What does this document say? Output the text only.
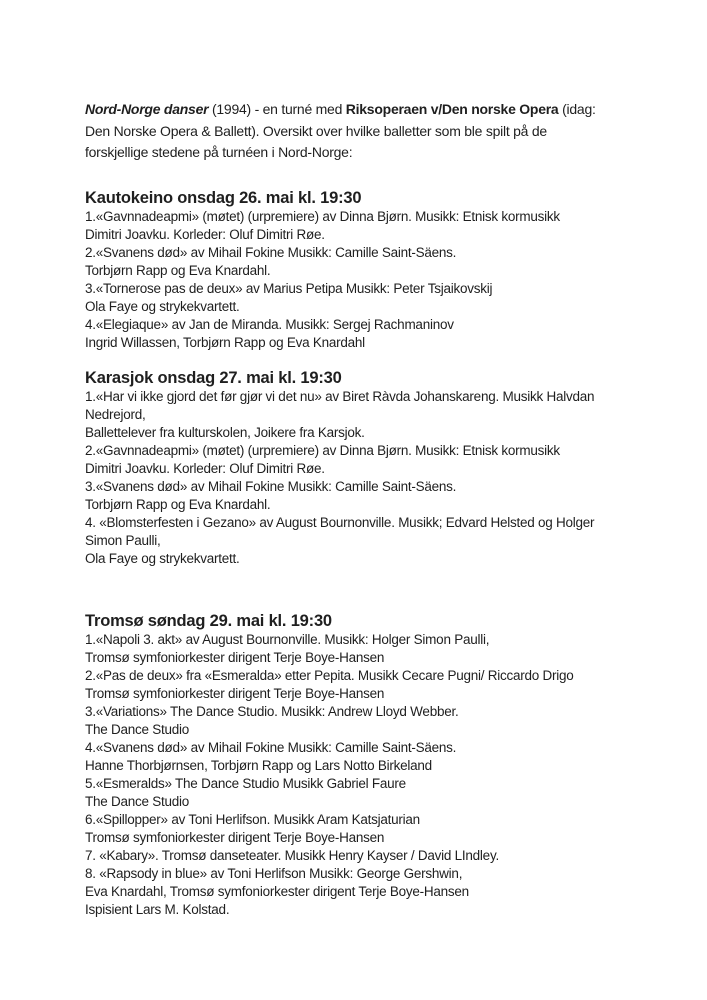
Nord-Norge danser (1994) - en turné med Riksoperaen v/Den norske Opera (idag: Den Norske Opera & Ballett). Oversikt over hvilke balletter som ble spilt på de forskjellige stedene på turnéen i Nord-Norge:

Kautokeino onsdag 26. mai kl. 19:30
1.«Gavnnadeapmi» (møtet) (urpremiere) av Dinna Bjørn. Musikk: Etnisk kormusikk
Dimitri Joavku. Korleder: Oluf Dimitri Røe.
2.«Svanens død» av Mihail Fokine Musikk: Camille Saint-Säens.
Torbjørn Rapp og Eva Knardahl.
3.«Tornerose pas de deux» av Marius Petipa Musikk: Peter Tsjaikovskij
Ola Faye og strykekvartett.
4.«Elegiaque» av Jan de Miranda. Musikk: Sergej Rachmaninov
Ingrid Willassen, Torbjørn Rapp og Eva Knardahl
Karasjok onsdag 27. mai kl. 19:30
1.«Har vi ikke gjord det før gjør vi det nu» av Biret Ràvda Johanskareng. Musikk Halvdan
Nedrejord,
Ballettelever fra kulturskolen, Joikere fra Karsjok.
2.«Gavnnadeapmi» (møtet) (urpremiere) av Dinna Bjørn. Musikk: Etnisk kormusikk
Dimitri Joavku. Korleder: Oluf Dimitri Røe.
3.«Svanens død» av Mihail Fokine Musikk: Camille Saint-Säens.
Torbjørn Rapp og Eva Knardahl.
4. «Blomsterfesten i Gezano» av August Bournonville. Musikk; Edvard Helsted og Holger
Simon Paulli,
Ola Faye og strykekvartett.
Tromsø søndag 29. mai kl. 19:30
1.«Napoli 3. akt» av August Bournonville. Musikk: Holger Simon Paulli,
Tromsø symfoniorkester dirigent Terje Boye-Hansen
2.«Pas de deux» fra «Esmeralda» etter Pepita. Musikk Cecare Pugni/ Riccardo Drigo
Tromsø symfoniorkester dirigent Terje Boye-Hansen
3.«Variations» The Dance Studio. Musikk: Andrew Lloyd Webber.
The Dance Studio
4.«Svanens død» av Mihail Fokine Musikk: Camille Saint-Säens.
Hanne Thorbjørnsen, Torbjørn Rapp og Lars Notto Birkeland
5.«Esmeralds» The Dance Studio Musikk Gabriel Faure
The Dance Studio
6.«Spillopper» av Toni Herlifson. Musikk Aram Katsjaturian
Tromsø symfoniorkester dirigent Terje Boye-Hansen
7. «Kabary». Tromsø danseteater. Musikk Henry Kayser / David LIndley.
8. «Rapsody in blue» av Toni Herlifson Musikk: George Gershwin,
Eva Knardahl, Tromsø symfoniorkester dirigent Terje Boye-Hansen
Ispisient Lars M. Kolstad.
